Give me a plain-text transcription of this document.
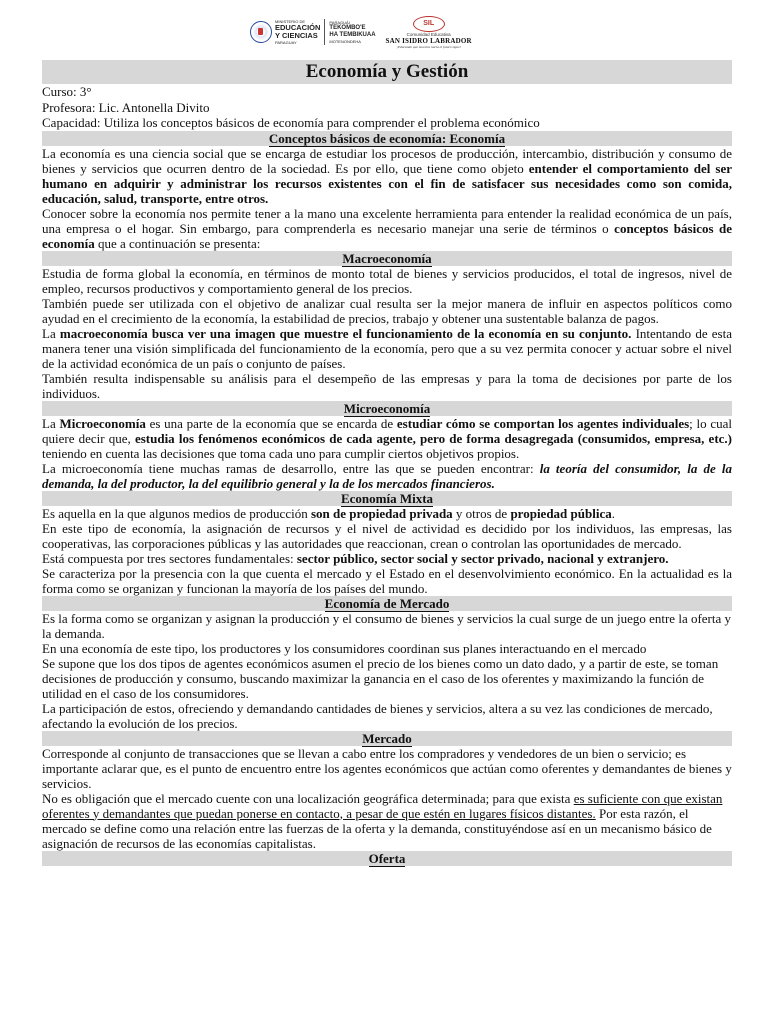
MINISTERIO DE
EDUCACIÓN
Y CIENCIAS
PARAGUAY
PARAGUÁI
TEKOMBO'E
HA TEMBIKUAA
MOTENONDEHA
SIL
Comunidad Educativa
SAN ISIDRO LABRADOR
¡Educando que muestra hacia el futuro sigue!
Economía y Gestión
Curso: 3°
Profesora: Lic. Antonella Divito
Capacidad: Utiliza los conceptos básicos de economía para comprender el problema económico
Conceptos básicos de economía: Economía

La economía es una ciencia social que se encarga de estudiar los procesos de producción, intercambio, distribución y consumo de bienes y servicios que ocurren dentro de la sociedad. Es por ello, que tiene como objeto entender el comportamiento del ser humano en adquirir y administrar los recursos existentes con el fin de satisfacer sus necesidades como son comida, educación, salud, transporte, entre otros.

Conocer sobre la economía nos permite tener a la mano una excelente herramienta para entender la realidad económica de un país, una empresa o el hogar. Sin embargo, para comprenderla es necesario manejar una serie de términos o conceptos básicos de economía que a continuación se presenta:

Macroeconomía

Estudia de forma global la economía, en términos de monto total de bienes y servicios producidos, el total de ingresos, nivel de empleo, recursos productivos y comportamiento general de los precios.

También puede ser utilizada con el objetivo de analizar cual resulta ser la mejor manera de influir en aspectos políticos como ayudad en el crecimiento de la economía, la estabilidad de precios, trabajo y obtener una sustentable balanza de pagos.

La macroeconomía busca ver una imagen que muestre el funcionamiento de la economía en su conjunto. Intentando de esta manera tener una visión simplificada del funcionamiento de la economía, pero que a su vez permita conocer y actuar sobre el nivel de la actividad económica de un país o conjunto de países.

También resulta indispensable su análisis para el desempeño de las empresas y para la toma de decisiones por parte de los individuos.

Microeconomía

La Microeconomía es una parte de la economía que se encarda de estudiar cómo se comportan los agentes individuales; lo cual quiere decir que, estudia los fenómenos económicos de cada agente, pero de forma desagregada (consumidos, empresa, etc.) teniendo en cuenta las decisiones que toma cada uno para cumplir ciertos objetivos propios.

La microeconomía tiene muchas ramas de desarrollo, entre las que se pueden encontrar: la teoría del consumidor, la de la demanda, la del productor, la del equilibrio general y la de los mercados financieros.

Economía Mixta

Es aquella en la que algunos medios de producción son de propiedad privada y otros de propiedad pública.

En este tipo de economía, la asignación de recursos y el nivel de actividad es decidido por los individuos, las empresas, las cooperativas, las corporaciones públicas y las autoridades que reaccionan, crean o controlan las oportunidades de mercado.

Está compuesta por tres sectores fundamentales: sector público, sector social y sector privado, nacional y extranjero.

Se caracteriza por la presencia con la que cuenta el mercado y el Estado en el desenvolvimiento económico. En la actualidad es la forma como se organizan y funcionan la mayoría de los países del mundo.

Economía de Mercado

Es la forma como se organizan y asignan la producción y el consumo de bienes y servicios la cual surge de un juego entre la oferta y la demanda.

En una economía de este tipo, los productores y los consumidores coordinan sus planes interactuando en el mercado

Se supone que los dos tipos de agentes económicos asumen el precio de los bienes como un dato dado, y a partir de este, se toman decisiones de producción y consumo, buscando maximizar la ganancia en el caso de los oferentes y maximizando la función de utilidad en el caso de los consumidores.

La participación de estos, ofreciendo y demandando cantidades de bienes y servicios, altera a su vez las condiciones de mercado, afectando la evolución de los precios.

Mercado

Corresponde al conjunto de transacciones que se llevan a cabo entre los compradores y vendedores de un bien o servicio; es importante aclarar que, es el punto de encuentro entre los agentes económicos que actúan como oferentes y demandantes de bienes y servicios.

No es obligación que el mercado cuente con una localización geográfica determinada; para que exista es suficiente con que existan oferentes y demandantes que puedan ponerse en contacto, a pesar de que estén en lugares físicos distantes. Por esta razón, el mercado se define como una relación entre las fuerzas de la oferta y la demanda, constituyéndose así en un mecanismo básico de asignación de recursos de las economías capitalistas.

Oferta
